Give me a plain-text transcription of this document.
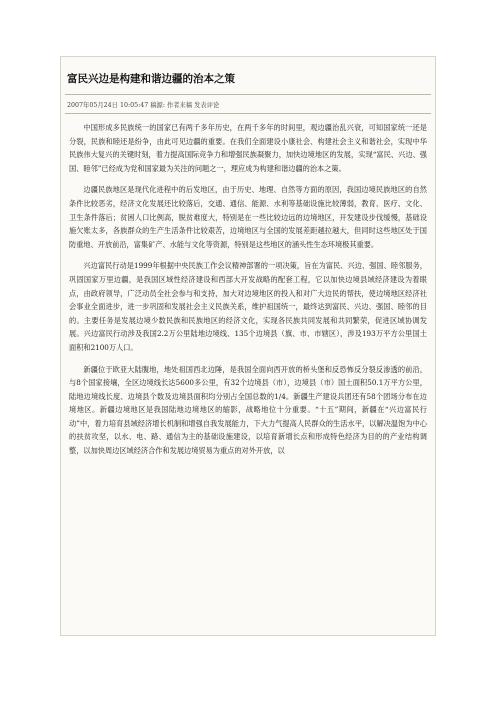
富民兴边是构建和谐边疆的治本之策
2007年05月24日 10:05:47 稿源: 作者来稿 发表评论

中国形成多民族统一的国家已有两千多年历史，在两千多年的时间里，观边疆治乱兴衰，可知国家统一还是分裂，民族和睦还是纷争，由此可见边疆的重要。在我们全面建设小康社会、构建社会主义和谐社会，实现中华民族伟大复兴的关键时刻，着力提高国际竞争力和增强民族凝聚力，加快边境地区的发展，实现“富民、兴边、强国、睦邻”已经成为党和国家最为关注的问题之一，理应成为构建和谐边疆的治本之策。

边疆民族地区是现代化进程中的后发地区，由于历史、地理、自然等方面的原因，我国边境民族地区的自然条件比较恶劣，经济文化发展还比较落后，交通、通信、能源、水利等基础设施比较薄弱，教育、医疗、文化、卫生条件落后；贫困人口比例高，脱贫难度大，特别是在一些比较边远的边境地区，开发建设步伐缓慢，基础设施欠账太多，各族群众的生产生活条件比较艰苦，边境地区与全国的发展差距越拉越大，但同时这些地区处于国防重地、开放前沿，富集矿产、水能与文化等资源，特别是这些地区的涵头性生态环境极其重要。

兴边富民行动是1999年根据中央民族工作会议精神部署的一项决策，旨在为富民、兴边、强国、睦邻服务，巩固国家万里边疆，是我国区域性经济建设和西部大开发战略的配套工程，它以加快边境县域经济建设为着眼点，由政府领导，广泛动员全社会参与和支持，加大对边境地区的投入和对广大边民的帮扶，使边境地区经济社会事业全面进步，进一步巩固和发展社会主义民族关系，维护祖国统一，最终达到富民、兴边、强国、睦邻的目的。主要任务是发展边境少数民族和民族地区的经济文化，实现各民族共同发展和共同繁荣，促进区域协调发展。兴边富民行动涉及我国2.2万公里陆地边境线、135个边境县（旗、市、市辖区），涉及193万平方公里国土面积和2100万人口。

新疆位于欧亚大陆腹地，地处祖国西北边陲，是我国全面向西开放的桥头堡和反恐怖反分裂反渗透的前沿，与8个国家接壤，全区边境线长达5600多公里，有32个边境县（市），边境县（市）国土面积50.1万平方公里，陆地边境线长度、边境县个数及边境县面积均分别占全国总数的1/4。新疆生产建设兵团还有58个团场分布在边境地区。新疆边境地区是我国陆地边境地区的缩影，战略地位十分重要。“十五”期间，新疆在“兴边富民行动”中，着力培育县域经济增长机制和增强自我发展能力，下大力气提高人民群众的生活水平，以解决温饱为中心的扶贫攻坚，以水、电、路、通信为主的基础设施建设，以培育新增长点和形成特色经济为目的的产业结构调整，以加快周边区域经济合作和发展边境贸易为重点的对外开放，以
